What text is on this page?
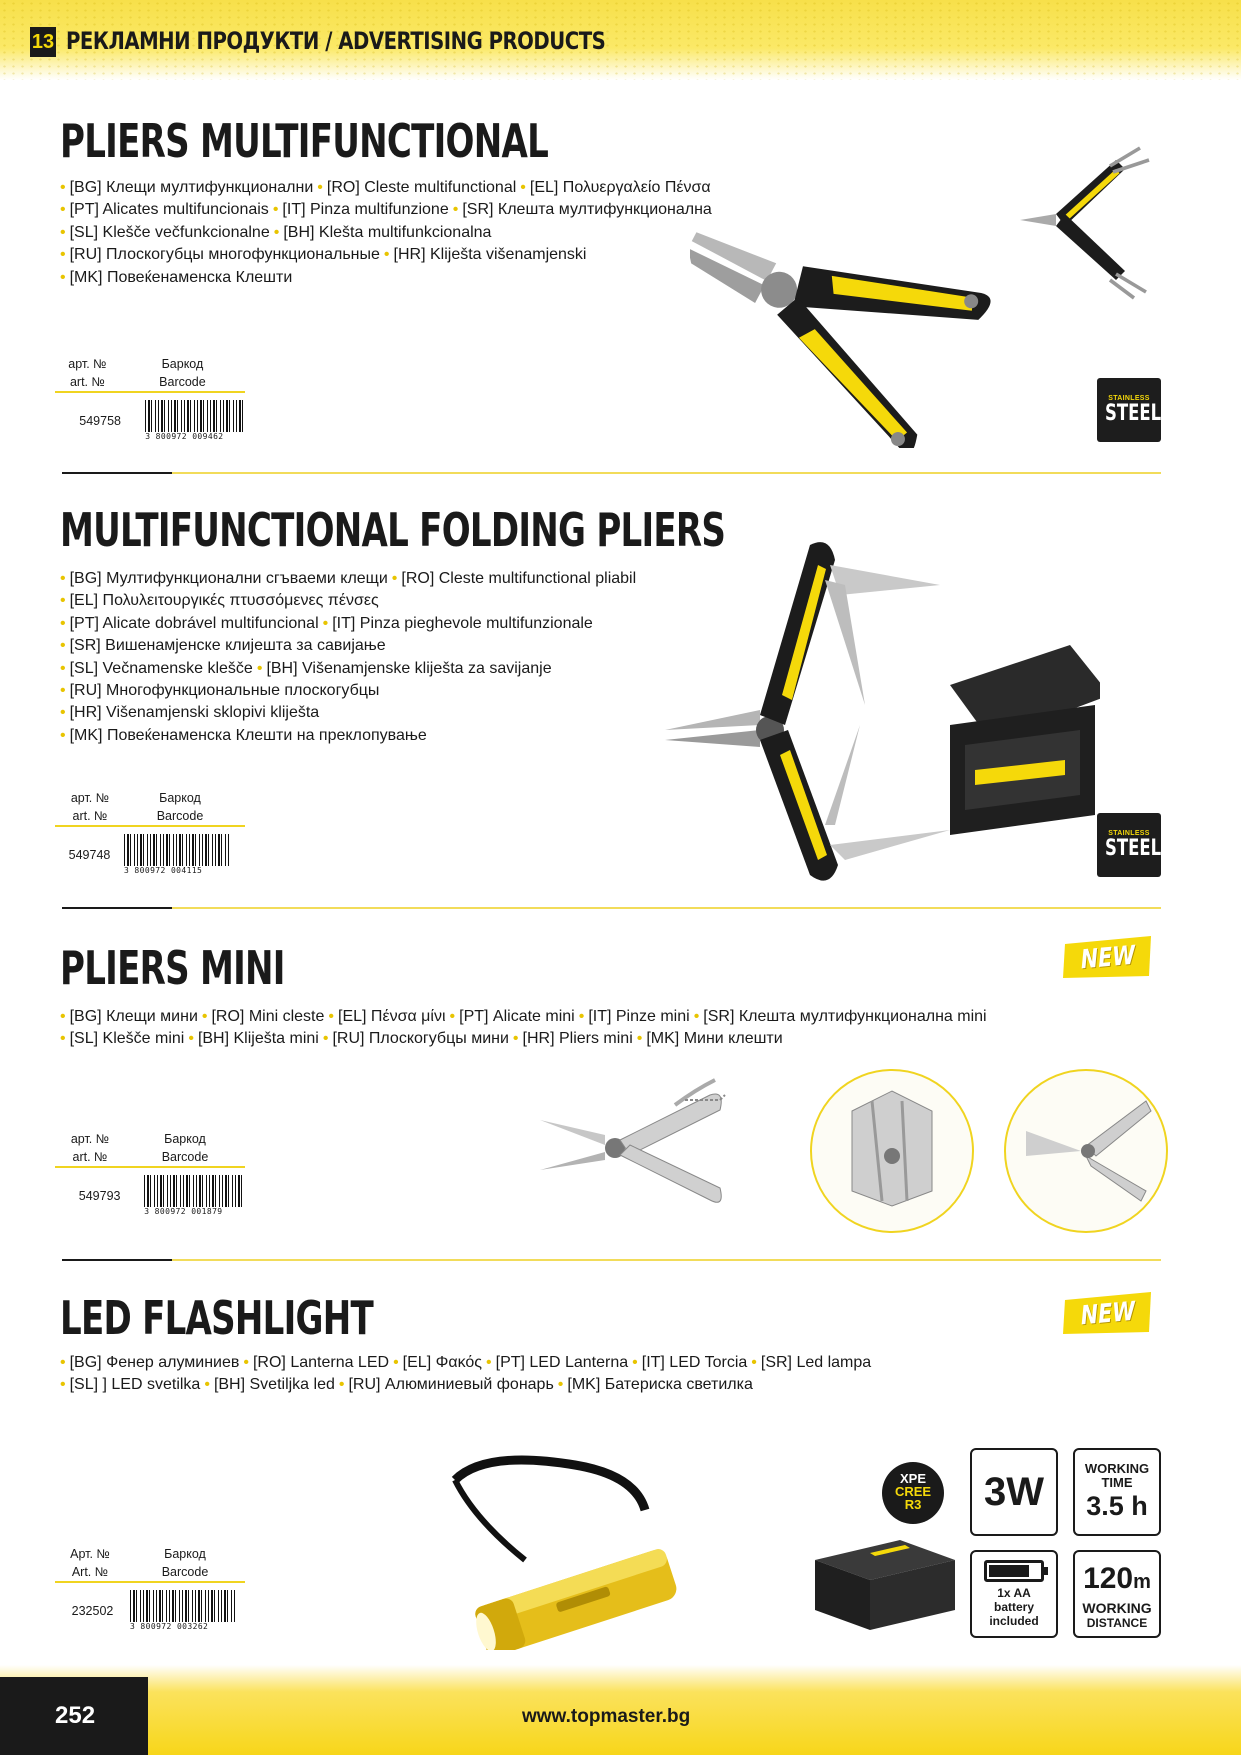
13 РЕКЛАМНИ ПРОДУКТИ / ADVERTISING PRODUCTS
PLIERS MULTIFUNCTIONAL
• [BG] Клещи мултифункционални • [RO] Cleste multifunctional • [EL] Πολυεργαλείο Πένσα
• [PT] Alicates multifuncionais • [IT] Pinza multifunzione • [SR] Клешта мултифункционална
• [SL] Klešče večfunkcionalne • [BH] Klešta multifunkcionalna
• [RU] Плоскогубцы многофункциональные • [HR] Kliješta višenamjenski
• [MK] Повеќенаменска Клешти
арт. №
art. №
Баркод
Barcode
549758
3 800972 009462
STAINLESS
STEEL
MULTIFUNCTIONAL FOLDING PLIERS
• [BG] Мултифункционални сгъваеми клещи • [RO] Cleste multifunctional pliabil
• [EL] Πολυλειτουργικές πτυσσόμενες πένσες
• [PT] Alicate dobrável multifuncional • [IT] Pinza pieghevole multifunzionale
• [SR] Вишенамјенске клијешта за савијање
• [SL] Večnamenske klešče • [BH] Višenamjenske kliješta za savijanje
• [RU] Многофункциональные плоскогубцы
• [HR] Višenamjenski sklopivi kliješta
• [MK] Повеќенаменска Клешти на преклопување
арт. №
art. №
Баркод
Barcode
549748
3 800972 004115
STAINLESS
STEEL
PLIERS MINI	NEW
• [BG] Клещи мини • [RO] Mini cleste • [EL] Πένσα μίνι • [PT] Alicate mini • [IT] Pinze mini • [SR] Клешта мултифункционална mini
• [SL] Klešče mini • [BH] Kliješta mini • [RU] Плоскогубцы мини • [HR] Pliers mini • [MK] Мини клешти
арт. №
art. №
Баркод
Barcode
549793
3 800972 001879
LED FLASHLIGHT	NEW
• [BG] Фенер алуминиев • [RO] Lanterna LED • [EL] Φακός • [PT] LED Lanterna • [IT] LED Torcia • [SR] Led lampa
• [SL] ] LED svetilka • [BH] Svetiljka led • [RU] Алюминиевый фонарь • [MK] Батериска светилка
Арт. №
Art. №
Баркод
Barcode
232502
3 800972 003262
XPE
CREE
R3	3W
WORKING
TIME
3.5 h
1x AA
battery
included
120m
WORKING
DISTANCE
252	www.topmaster.bg
